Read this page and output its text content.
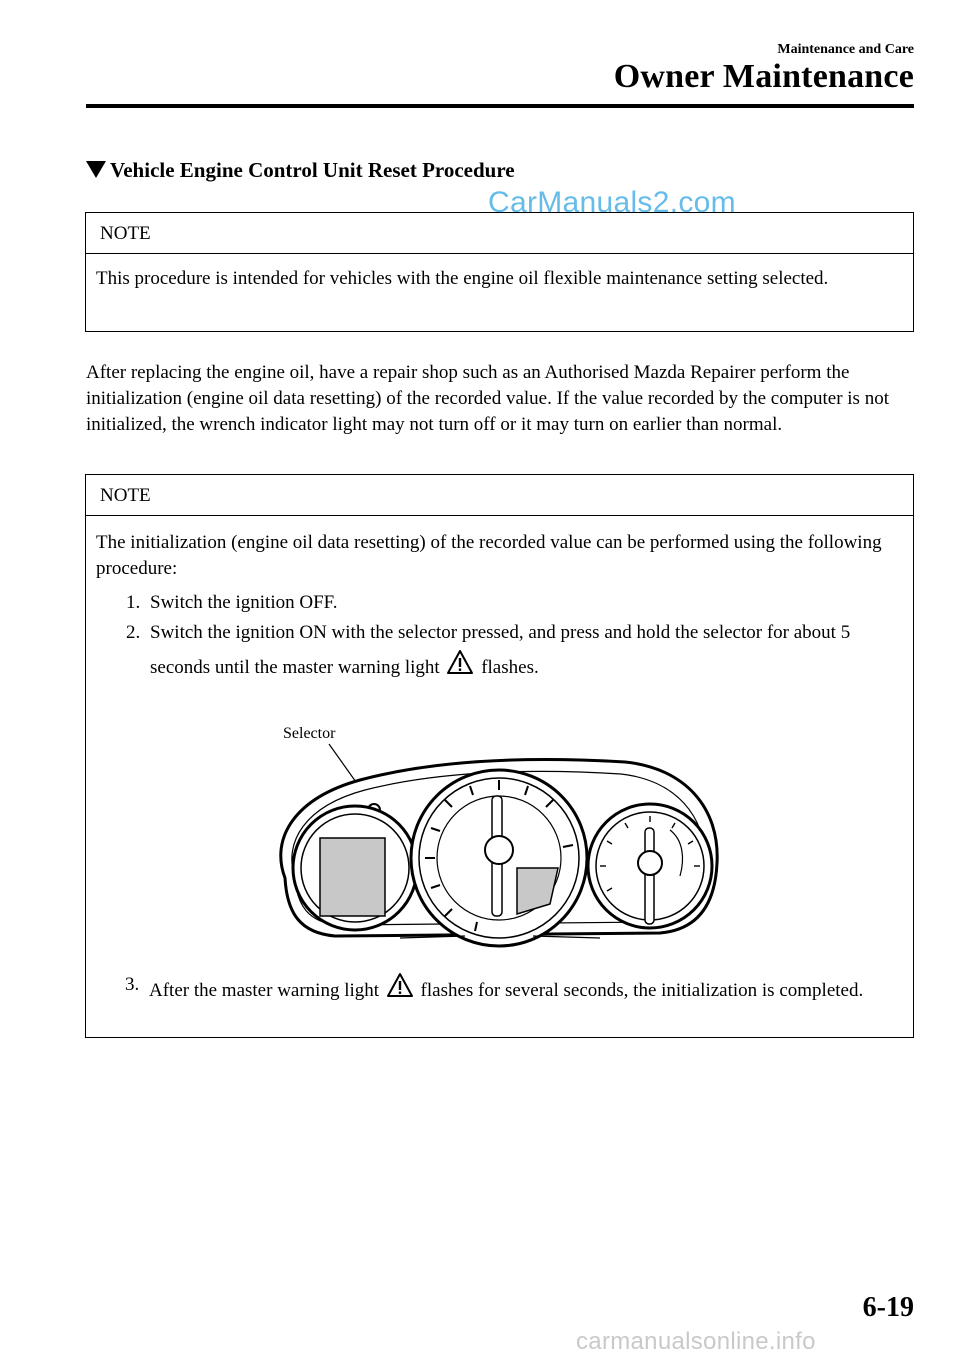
Maintenance and Care
Owner Maintenance
Vehicle Engine Control Unit Reset Procedure
CarManuals2.com
NOTE
This procedure is intended for vehicles with the engine oil flexible maintenance setting selected.
After replacing the engine oil, have a repair shop such as an Authorised Mazda Repairer perform the initialization (engine oil data resetting) of the recorded value. If the value recorded by the computer is not initialized, the wrench indicator light may not turn off or it may turn on earlier than normal.
NOTE
The initialization (engine oil data resetting) of the recorded value can be performed using the following procedure:
1. Switch the ignition OFF.
2. Switch the ignition ON with the selector pressed, and press and hold the selector for about 5 seconds until the master warning light flashes.
Selector
3. After the master warning light flashes for several seconds, the initialization is completed.
6-19
carmanualsonline.info
